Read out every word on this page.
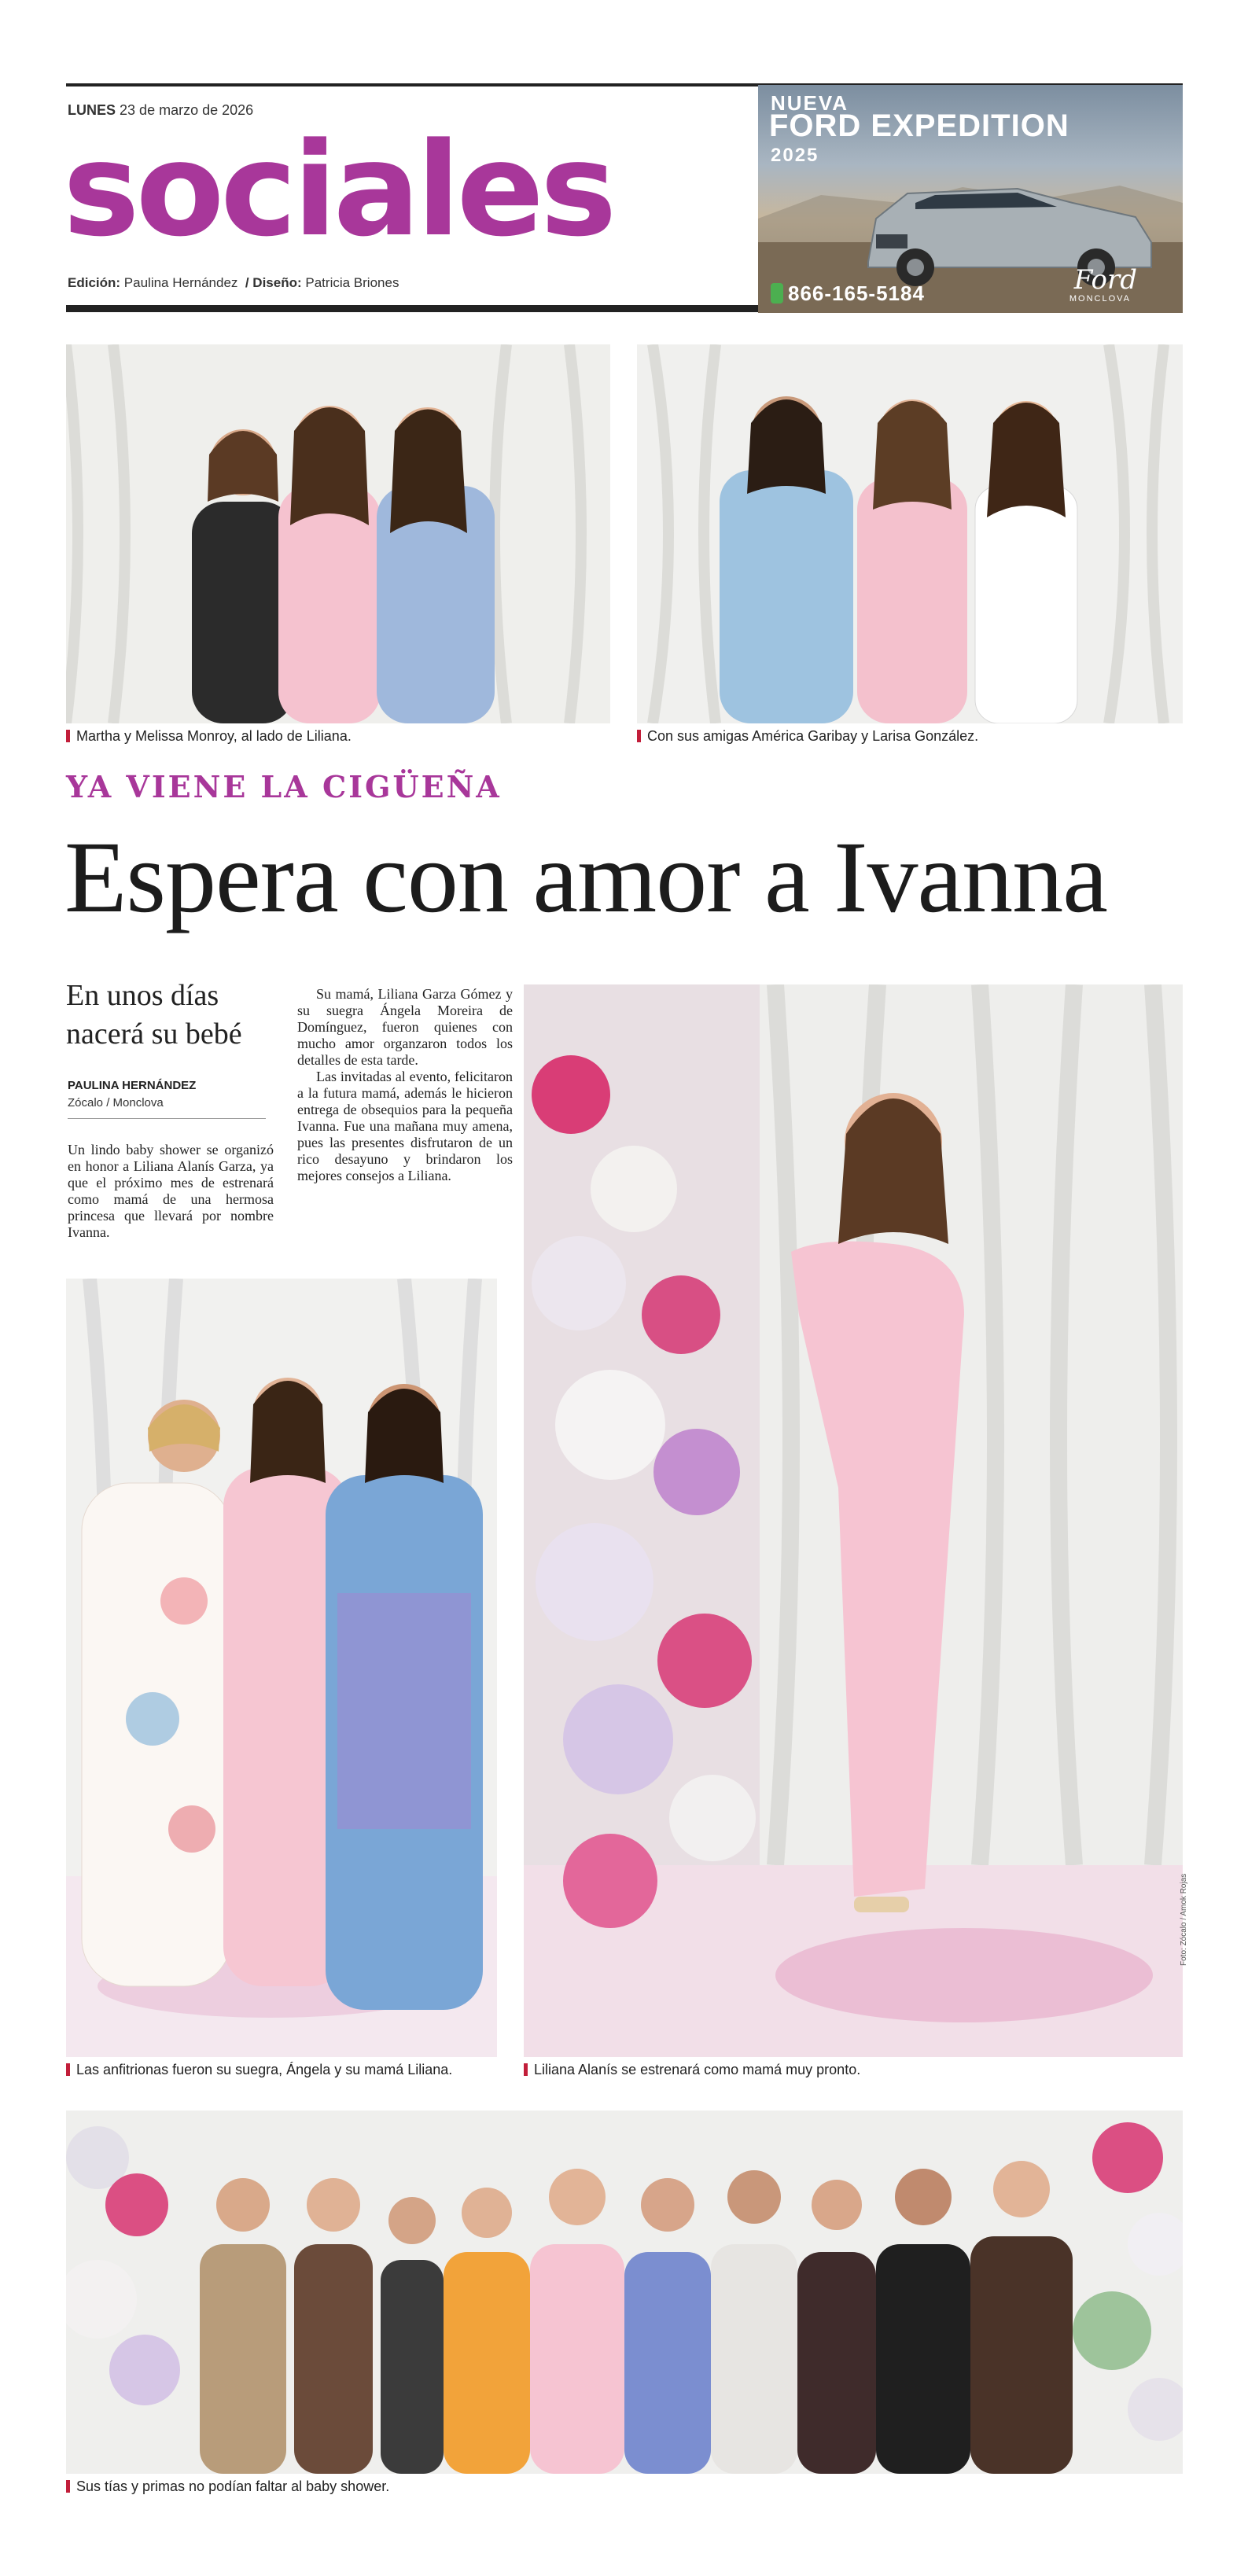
LUNES 23 de marzo de 2026
sociales
Edición: Paulina Hernández / Diseño: Patricia Briones
NUEVA
FORD EXPEDITION
2025
866-165-5184	Ford
MONCLOVA
Martha y Melissa Monroy, al lado de Liliana.	Con sus amigas América Garibay y Larisa González.
YA VIENE LA CIGÜEÑA
Espera con amor a Ivanna
En unos días nacerá su bebé
PAULINA HERNÁNDEZ
Zócalo / Monclova

Un lindo baby shower se organizó en honor a Liliana Alanís Garza, ya que el próximo mes de estrenará como mamá de una hermosa princesa que llevará por nombre Ivanna.

Su mamá, Liliana Garza Gómez y su suegra Ángela Moreira de Domínguez, fueron quienes con mucho amor organzaron todos los detalles de esta tarde.

Las invitadas al evento, felicitaron a la futura mamá, además le hicieron entrega de obsequios para la pequeña Ivanna. Fue una mañana muy amena, pues las presentes disfrutaron de un rico desayuno y brindaron los mejores consejos a Liliana.

Las anfitrionas fueron su suegra, Ángela y su mamá Liliana.	Liliana Alanís se estrenará como mamá muy pronto.
Foto: Zócalo / Amok Rojas
Sus tías y primas no podían faltar al baby shower.
